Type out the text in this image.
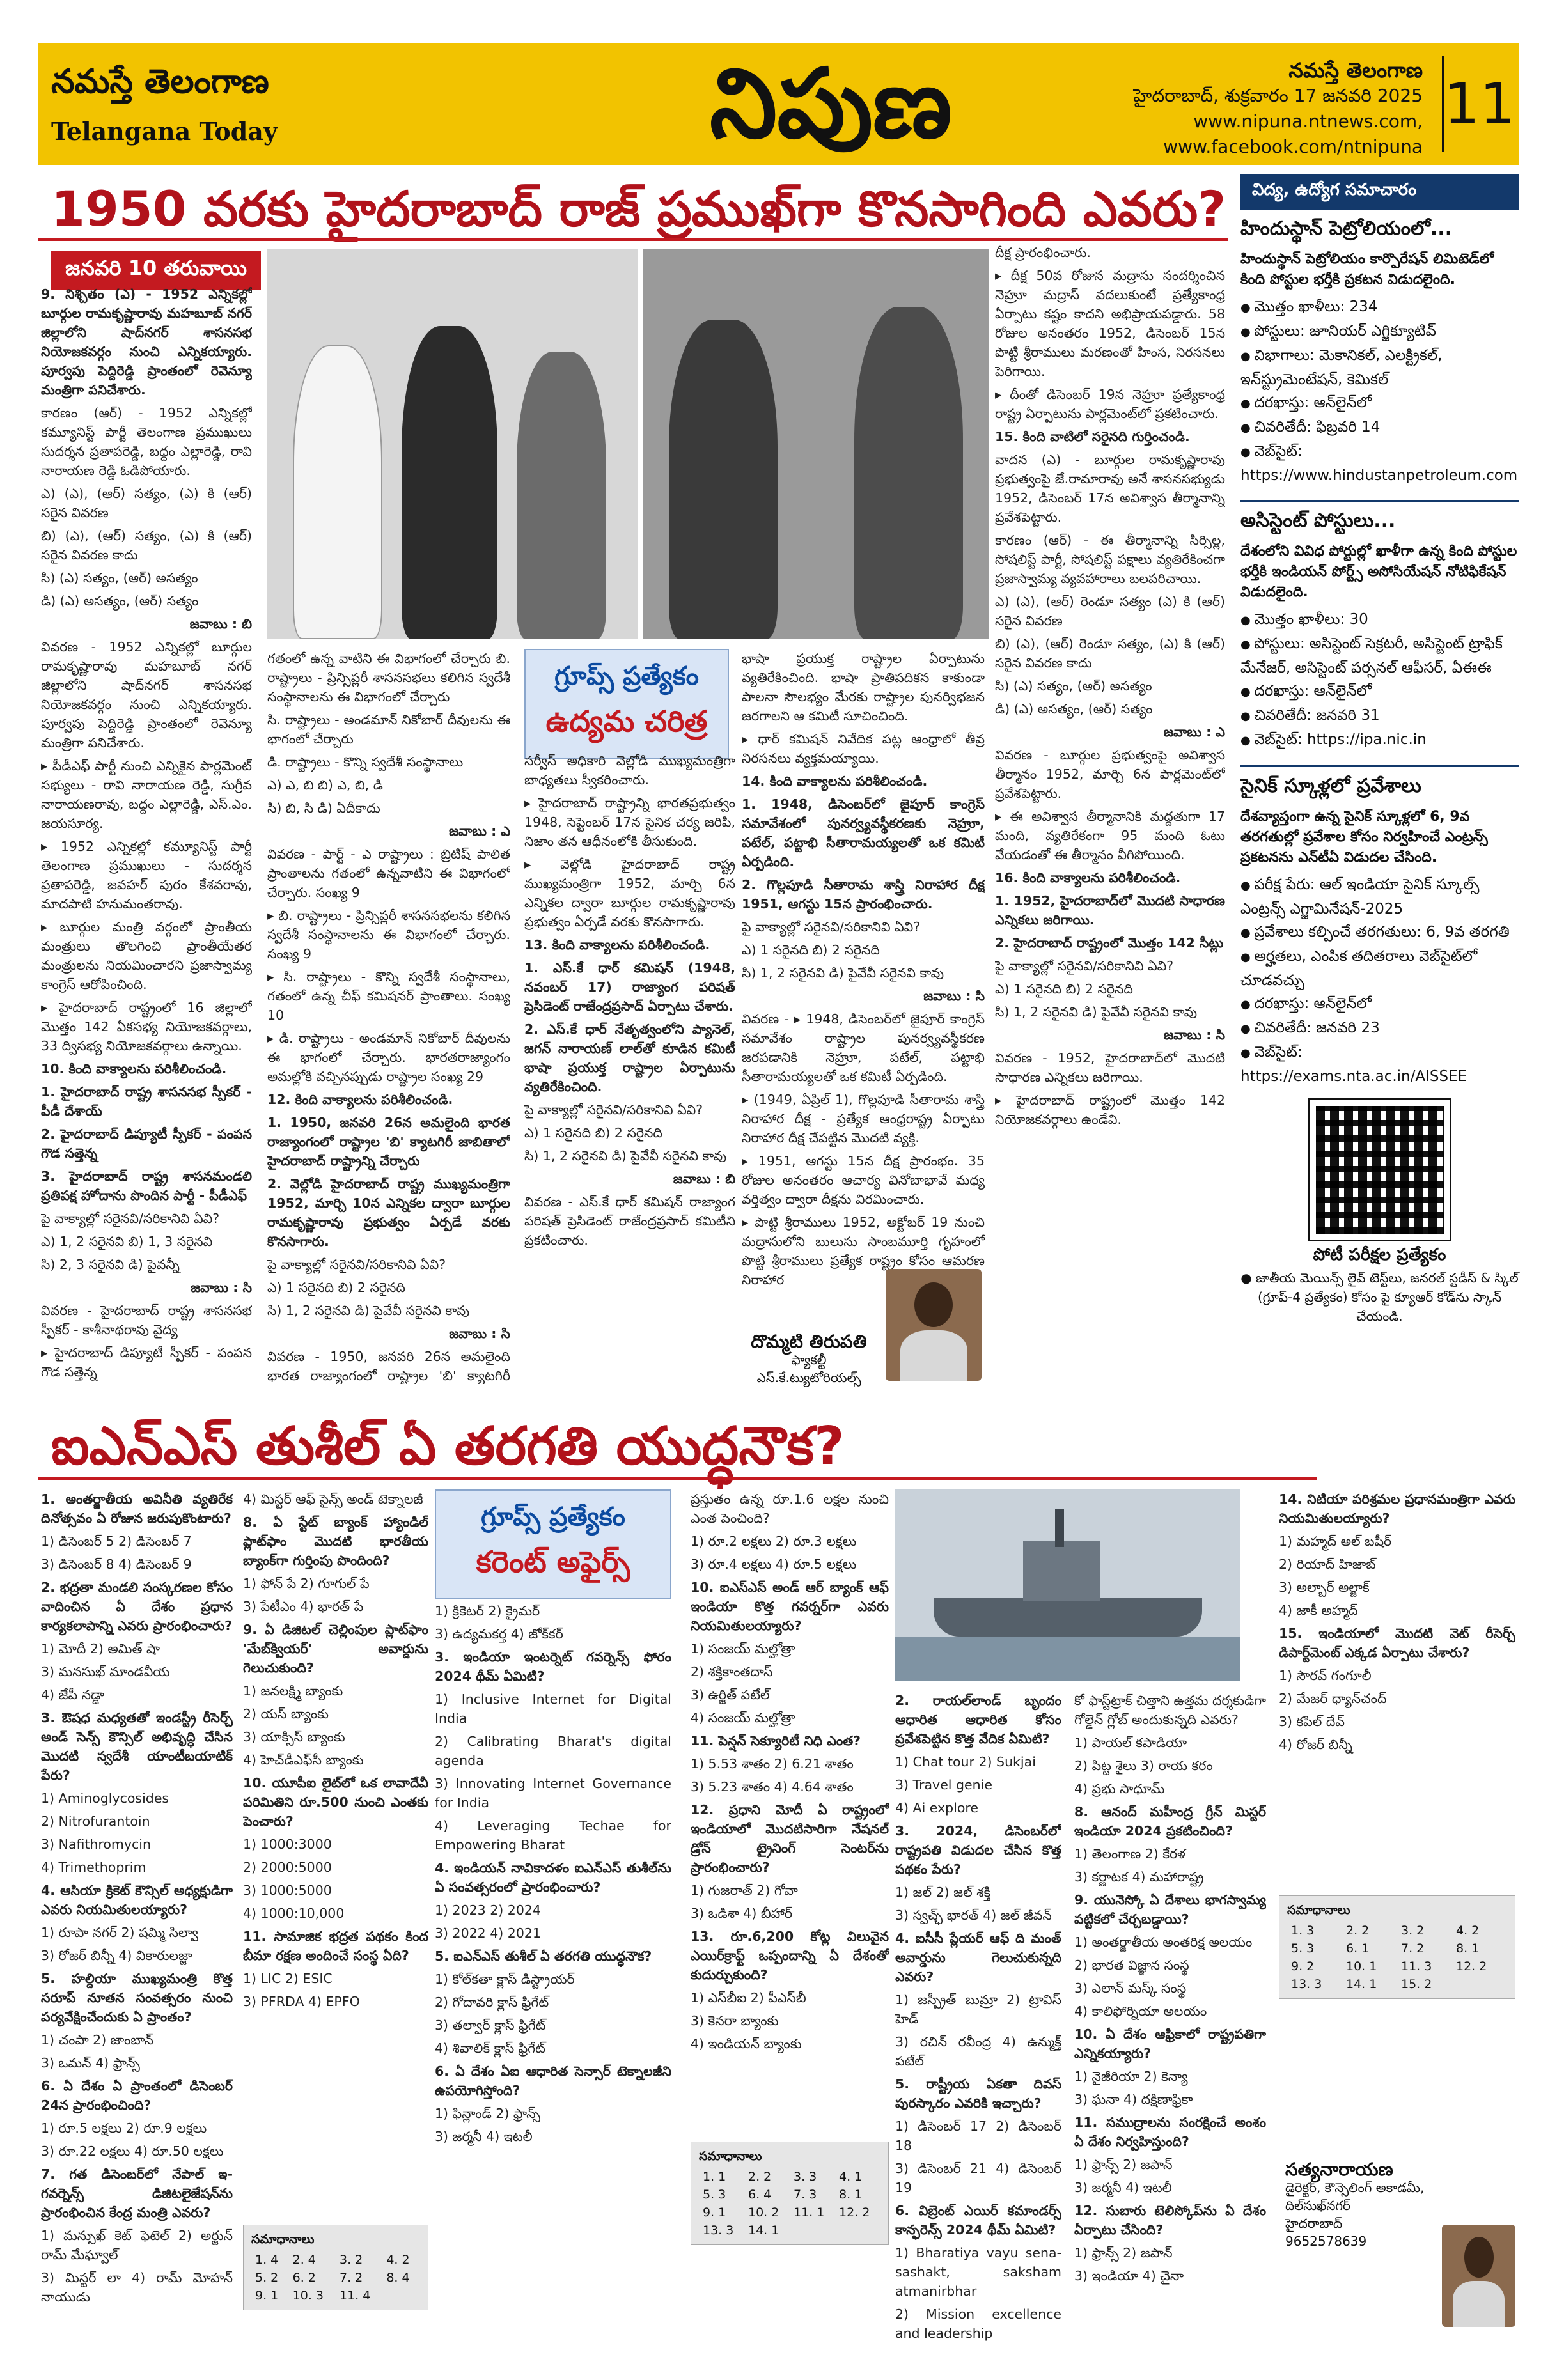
నమస్తే తెలంగాణ
Telangana Today	నిపుణ	నమస్తే తెలంగాణ
హైదరాబాద్, శుక్రవారం 17 జనవరి 2025
www.nipuna.ntnews.com,
www.facebook.com/ntnipuna
11
1950 వరకు హైదరాబాద్ రాజ్ ప్రముఖ్‌గా కొనసాగింది ఎవరు?
జనవరి 10 తరువాయి

9. నిశ్చితం (ఎ) - 1952 ఎన్నికల్లో బూర్గుల రామకృష్ణారావు మహబూబ్ నగర్ జిల్లాలోని షాద్‌నగర్ శాసనసభ నియోజకవర్గం నుంచి ఎన్నికయ్యారు. పూర్వపు పెద్దిరెడ్డి ప్రాంతంలో రెవెన్యూ మంత్రిగా పనిచేశారు.

కారణం (ఆర్) - 1952 ఎన్నికల్లో కమ్యూనిస్ట్ పార్టీ తెలంగాణ ప్రముఖులు సుదర్శన ప్రతాపరెడ్డి, బద్దం ఎల్లారెడ్డి, రావి నారాయణ రెడ్డి ఓడిపోయారు.

ఎ) (ఎ), (ఆర్) సత్యం, (ఎ) కి (ఆర్) సరైన వివరణ

బి) (ఎ), (ఆర్) సత్యం, (ఎ) కి (ఆర్) సరైన వివరణ కాదు

సి) (ఎ) సత్యం, (ఆర్) అసత్యం

డి) (ఎ) అసత్యం, (ఆర్) సత్యం

జవాబు : బి

వివరణ - 1952 ఎన్నికల్లో బూర్గుల రామకృష్ణారావు మహబూబ్ నగర్ జిల్లాలోని షాద్‌నగర్ శాసనసభ నియోజకవర్గం నుంచి ఎన్నికయ్యారు. పూర్వపు పెద్దిరెడ్డి ప్రాంతంలో రెవెన్యూ మంత్రిగా పనిచేశారు.

▸ పీడీఎఫ్ పార్టీ నుంచి ఎన్నికైన పార్లమెంట్ సభ్యులు - రావి నారాయణ రెడ్డి, సుగ్రీవ నారాయణరావు, బద్దం ఎల్లారెడ్డి, ఎస్.ఎం. జయసూర్య.

▸ 1952 ఎన్నికల్లో కమ్యూనిస్ట్ పార్టీ తెలంగాణ ప్రముఖులు - సుదర్శన ప్రతాపరెడ్డి, జవహర్ పురం కేశవరావు, మాదపాటి హనుమంతరావు.

▸ బూర్గుల మంత్రి వర్గంలో ప్రాంతీయ మంత్రులు తొలగించి ప్రాంతీయేతర మంత్రులను నియమించారని ప్రజాస్వామ్య కాంగ్రెస్ ఆరోపించింది.

▸ హైదరాబాద్ రాష్ట్రంలో 16 జిల్లాలో మొత్తం 142 ఏకసభ్య నియోజకవర్గాలు, 33 ద్విసభ్య నియోజకవర్గాలు ఉన్నాయి.

10. కింది వాక్యాలను పరిశీలించండి.

1. హైదరాబాద్ రాష్ట్ర శాసనసభ స్పీకర్ - పీడీ దేశాయ్

2. హైదరాబాద్ డిప్యూటీ స్పీకర్ - పంపన గౌడ సత్తెన్న

3. హైదరాబాద్ రాష్ట్ర శాసనమండలి ప్రతిపక్ష హోదాను పొందిన పార్టీ - పీడీఎఫ్

పై వాక్యాల్లో సరైనవి/సరికానివి ఏవి?

ఎ) 1, 2 సరైనవి బి) 1, 3 సరైనవి

సి) 2, 3 సరైనవి డి) పైవన్నీ

జవాబు : సి

వివరణ - హైదరాబాద్ రాష్ట్ర శాసనసభ స్పీకర్ - కాశీనాథరావు వైద్య

▸ హైదరాబాద్ డిప్యూటీ స్పీకర్ - పంపన గౌడ సత్తెన్న

గ్రూప్స్ ప్రత్యేకం
ఉద్యమ చరిత్ర

గతంలో ఉన్న వాటిని ఈ విభాగంలో చేర్చారు బి. రాష్ట్రాలు - ప్రిన్సిప్లరీ శాసనసభలు కలిగిన స్వదేశీ సంస్థానాలను ఈ విభాగంలో చేర్చారు

సి. రాష్ట్రాలు - అండమాన్ నికోబార్ దీవులను ఈ భాగంలో చేర్చారు

డి. రాష్ట్రాలు - కొన్ని స్వదేశీ సంస్థానాలు

ఎ) ఎ, బి బి) ఎ, బి, డి

సి) బి, సి డి) ఏదీకాదు

జవాబు : ఎ

వివరణ - పార్ట్ - ఎ రాష్ట్రాలు : బ్రిటిష్ పాలిత ప్రాంతాలను గతంలో ఉన్నవాటిని ఈ విభాగంలో చేర్చారు. సంఖ్య 9

▸ బి. రాష్ట్రాలు - ప్రిన్సిప్లరీ శాసనసభలను కలిగిన స్వదేశీ సంస్థానాలను ఈ విభాగంలో చేర్చారు. సంఖ్య 9

▸ సి. రాష్ట్రాలు - కొన్ని స్వదేశీ సంస్థానాలు, గతంలో ఉన్న చీఫ్ కమిషనర్ ప్రాంతాలు. సంఖ్య 10

▸ డి. రాష్ట్రాలు - అండమాన్ నికోబార్ దీవులను ఈ భాగంలో చేర్చారు. భారతరాజ్యాంగం అమల్లోకి వచ్చినప్పుడు రాష్ట్రాల సంఖ్య 29

12. కింది వాక్యాలను పరిశీలించండి.

1. 1950, జనవరి 26న అమలైంది భారత రాజ్యాంగంలో రాష్ట్రాల 'బి' క్యాటగిరీ జాబితాలో హైదరాబాద్ రాష్ట్రాన్ని చేర్చారు

2. వెల్లోడి హైదరాబాద్ రాష్ట్ర ముఖ్యమంత్రిగా 1952, మార్చి 10న ఎన్నికల ద్వారా బూర్గుల రామకృష్ణారావు ప్రభుత్వం ఏర్పడే వరకు కొనసాగారు.

పై వాక్యాల్లో సరైనవి/సరికానివి ఏవి?

ఎ) 1 సరైనది బి) 2 సరైనది

సి) 1, 2 సరైనవి డి) పైవేవీ సరైనవి కావు

జవాబు : సి

వివరణ - 1950, జనవరి 26న అమలైంది భారత రాజ్యాంగంలో రాష్ట్రాల 'బి' క్యాటగిరీ

సర్వీస్ అధికారి వెల్లోడి ముఖ్యమంత్రిగా బాధ్యతలు స్వీకరించారు.

▸ హైదరాబాద్ రాష్ట్రాన్ని భారతప్రభుత్వం 1948, సెప్టెంబర్ 17న సైనిక చర్య జరిపి, నిజాం తన ఆధీనంలోకి తీసుకుంది.

▸ వెల్లోడి హైదరాబాద్ రాష్ట్ర ముఖ్యమంత్రిగా 1952, మార్చి 6న ఎన్నికల ద్వారా బూర్గుల రామకృష్ణారావు ప్రభుత్వం ఏర్పడే వరకు కొనసాగారు.

13. కింది వాక్యాలను పరిశీలించండి.

1. ఎస్.కే ధార్ కమిషన్ (1948, నవంబర్ 17) రాజ్యాంగ పరిషత్ ప్రెసిడెంట్ రాజేంద్రప్రసాద్ ఏర్పాటు చేశారు.

2. ఎస్.కే ధార్ నేతృత్వంలోని ప్యానెల్, జగన్ నారాయణ్ లాల్‌తో కూడిన కమిటీ భాషా ప్రయుక్త రాష్ట్రాల ఏర్పాటును వ్యతిరేకించింది.

పై వాక్యాల్లో సరైనవి/సరికానివి ఏవి?

ఎ) 1 సరైనది బి) 2 సరైనది

సి) 1, 2 సరైనవి డి) పైవేవీ సరైనవి కావు

జవాబు : బి

వివరణ - ఎస్.కే ధార్ కమిషన్ రాజ్యాంగ పరిషత్ ప్రెసిడెంట్ రాజేంద్రప్రసాద్ కమిటీని ప్రకటించారు.

భాషా ప్రయుక్త రాష్ట్రాల ఏర్పాటును వ్యతిరేకించింది. భాషా ప్రాతిపదికన కాకుండా పాలనా సౌలభ్యం మేరకు రాష్ట్రాల పునర్విభజన జరగాలని ఆ కమిటీ సూచించింది.

▸ ధార్ కమిషన్ నివేదిక పట్ల ఆంధ్రాలో తీవ్ర నిరసనలు వ్యక్తమయ్యాయి.

14. కింది వాక్యాలను పరిశీలించండి.

1. 1948, డిసెంబర్‌లో జైపూర్ కాంగ్రెస్ సమావేశంలో పునర్వ్యవస్థీకరణకు నెహ్రూ, పటేల్, పట్టాభి సీతారామయ్యలతో ఒక కమిటీ ఏర్పడింది.

2. గొల్లపూడి సీతారామ శాస్త్రి నిరాహార దీక్ష 1951, ఆగస్టు 15న ప్రారంభించారు.

పై వాక్యాల్లో సరైనవి/సరికానివి ఏవి?

ఎ) 1 సరైనది బి) 2 సరైనది

సి) 1, 2 సరైనవి డి) పైవేవీ సరైనవి కావు

జవాబు : సి

వివరణ - ▸ 1948, డిసెంబర్‌లో జైపూర్ కాంగ్రెస్ సమావేశం రాష్ట్రాల పునర్వ్యవస్థీకరణ జరపడానికి నెహ్రూ, పటేల్, పట్టాభి సీతారామయ్యలతో ఒక కమిటీ ఏర్పడింది.

▸ (1949, ఏప్రిల్ 1), గొల్లపూడి సీతారామ శాస్త్రి నిరాహార దీక్ష - ప్రత్యేక ఆంధ్రరాష్ట్ర ఏర్పాటు నిరాహార దీక్ష చేపట్టిన మొదటి వ్యక్తి.

▸ 1951, ఆగస్టు 15న దీక్ష ప్రారంభం. 35 రోజుల అనంతరం ఆచార్య వినోబాభావే మధ్య వర్తిత్వం ద్వారా దీక్షను విరమించారు.

▸ పొట్టి శ్రీరాములు 1952, అక్టోబర్ 19 నుంచి మద్రాసులోని బులుసు సాంబమూర్తి గృహంలో పొట్టి శ్రీరాములు ప్రత్యేక రాష్ట్రం కోసం ఆమరణ నిరాహార

దీక్ష ప్రారంభించారు.

▸ దీక్ష 50వ రోజున మద్రాసు సందర్శించిన నెహ్రూ మద్రాస్ వదలుకుంటే ప్రత్యేకాంధ్ర ఏర్పాటు కష్టం కాదని అభిప్రాయపడ్డారు. 58 రోజుల అనంతరం 1952, డిసెంబర్ 15న పొట్టి శ్రీరాములు మరణంతో హింస, నిరసనలు పెరిగాయి.

▸ దీంతో డిసెంబర్ 19న నెహ్రూ ప్రత్యేకాంధ్ర రాష్ట్ర ఏర్పాటును పార్లమెంట్‌లో ప్రకటించారు.

15. కింది వాటిలో సరైనది గుర్తించండి.

వాదన (ఎ) - బూర్గుల రామకృష్ణారావు ప్రభుత్వంపై జే.రామారావు అనే శాసనసభ్యుడు 1952, డిసెంబర్ 17న అవిశ్వాస తీర్మానాన్ని ప్రవేశపెట్టారు.

కారణం (ఆర్) - ఈ తీర్మానాన్ని సిర్సిల్ల, సోషలిస్ట్ పార్టీ, సోషలిస్ట్ పక్షాలు వ్యతిరేకించగా ప్రజాస్వామ్య వ్యవహారాలు బలపరిచాయి.

ఎ) (ఎ), (ఆర్) రెండూ సత్యం (ఎ) కి (ఆర్) సరైన వివరణ

బి) (ఎ), (ఆర్) రెండూ సత్యం, (ఎ) కి (ఆర్) సరైన వివరణ కాదు

సి) (ఎ) సత్యం, (ఆర్) అసత్యం

డి) (ఎ) అసత్యం, (ఆర్) సత్యం

జవాబు : ఎ

వివరణ - బూర్గుల ప్రభుత్వంపై అవిశ్వాస తీర్మానం 1952, మార్చి 6న పార్లమెంట్‌లో ప్రవేశపెట్టారు.

▸ ఈ అవిశ్వాస తీర్మానానికి మద్దతుగా 17 మంది, వ్యతిరేకంగా 95 మంది ఓటు వేయడంతో ఈ తీర్మానం వీగిపోయింది.

16. కింది వాక్యాలను పరిశీలించండి.

1. 1952, హైదరాబాద్‌లో మొదటి సాధారణ ఎన్నికలు జరిగాయి.

2. హైదరాబాద్ రాష్ట్రంలో మొత్తం 142 సీట్లు

పై వాక్యాల్లో సరైనవి/సరికానివి ఏవి?

ఎ) 1 సరైనది బి) 2 సరైనది

సి) 1, 2 సరైనవి డి) పైవేవీ సరైనవి కావు

జవాబు : సి

వివరణ - 1952, హైదరాబాద్‌లో మొదటి సాధారణ ఎన్నికలు జరిగాయి.

▸ హైదరాబాద్ రాష్ట్రంలో మొత్తం 142 నియోజకవర్గాలు ఉండేవి.

దొమ్మటి తిరుపతి
ఫ్యాకల్టీ
ఎస్.కే.ట్యుటోరియల్స్
విద్య, ఉద్యోగ సమాచారం
హిందుస్థాన్ పెట్రోలియంలో...
హిందుస్థాన్ పెట్రోలియం కార్పొరేషన్ లిమిటెడ్‌లో కింది పోస్టుల భర్తీకి ప్రకటన విడుదలైంది.
● మొత్తం ఖాళీలు: 234
● పోస్టులు: జూనియర్ ఎగ్జిక్యూటివ్
● విభాగాలు: మెకానికల్, ఎలక్ట్రికల్, ఇన్‌స్ట్రుమెంటేషన్, కెమికల్
● దరఖాస్తు: ఆన్‌లైన్‌లో
● చివరితేదీ: ఫిబ్రవరి 14
● వెబ్‌సైట్: https://www.hindustanpetroleum.com
అసిస్టెంట్ పోస్టులు...
దేశంలోని వివిధ పోర్టుల్లో ఖాళీగా ఉన్న కింది పోస్టుల భర్తీకి ఇండియన్ పోర్ట్స్ అసోసియేషన్ నోటిఫికేషన్ విడుదలైంది.
● మొత్తం ఖాళీలు: 30
● పోస్టులు: అసిస్టెంట్ సెక్రటరీ, అసిస్టెంట్ ట్రాఫిక్ మేనేజర్, అసిస్టెంట్ పర్సనల్ ఆఫీసర్, ఏఈఈ
● దరఖాస్తు: ఆన్‌లైన్‌లో
● చివరితేదీ: జనవరి 31
● వెబ్‌సైట్: https://ipa.nic.in
సైనిక్ స్కూళ్లలో ప్రవేశాలు
దేశవ్యాప్తంగా ఉన్న సైనిక్ స్కూళ్లలో 6, 9వ తరగతుల్లో ప్రవేశాల కోసం నిర్వహించే ఎంట్రన్స్ ప్రకటనను ఎన్‌టీఏ విడుదల చేసింది.
● పరీక్ష పేరు: ఆల్ ఇండియా సైనిక్ స్కూల్స్ ఎంట్రన్స్ ఎగ్జామినేషన్-2025
● ప్రవేశాలు కల్పించే తరగతులు: 6, 9వ తరగతి
● అర్హతలు, ఎంపిక తదితరాలు వెబ్‌సైట్‌లో చూడవచ్చు
● దరఖాస్తు: ఆన్‌లైన్‌లో
● చివరితేదీ: జనవరి 23
● వెబ్‌సైట్: https://exams.nta.ac.in/AISSEE
పోటీ పరీక్షల ప్రత్యేకం
● జాతీయ మెయిన్స్ లైవ్ టెస్ట్‌లు, జనరల్ స్టడీస్ & స్కిల్ (గ్రూప్-4 ప్రత్యేకం) కోసం పై క్యూఆర్ కోడ్‌ను స్కాన్ చేయండి.
ఐఎన్ఎస్ తుశీల్ ఏ తరగతి యుద్ధనౌక?
గ్రూప్స్ ప్రత్యేకం
కరెంట్ అఫైర్స్

1. అంతర్జాతీయ అవినీతి వ్యతిరేక దినోత్సవం ఏ రోజున జరుపుకొంటారు?

1) డిసెంబర్ 5 2) డిసెంబర్ 7

3) డిసెంబర్ 8 4) డిసెంబర్ 9

2. భద్రతా మండలి సంస్కరణల కోసం వాదించిన ఏ దేశం ప్రధాన కార్యకలాపాన్ని ఎవరు ప్రారంభించారు?

1) మోదీ 2) అమిత్ షా

3) మనసుఖ్ మాండవీయ

4) జేపీ నడ్డా

3. ఔషధ మధ్యతతో ఇండస్ట్రీ రీసెర్చ్ అండ్ సెన్స్ కౌన్సిల్ అభివృద్ధి చేసిన మొదటి స్వదేశీ యాంటీబయాటిక్ పేరు?

1) Aminoglycosides

2) Nitrofurantoin

3) Nafithromycin

4) Trimethoprim

4. ఆసియా క్రికెట్ కౌన్సిల్ అధ్యక్షుడిగా ఎవరు నియమితులయ్యారు?

1) రూపా నగర్ 2) షమ్మి సిల్వా

3) రోజర్ బిన్నీ 4) వికారులజ్జా

5. హల్దియా ముఖ్యమంత్రి కొత్త సరూప్ నూతన సంవత్సరం నుంచి పర్యవేక్షించేందుకు ఏ ప్రాంతం?

1) చంపా 2) జాంబాన్

3) ఒమన్ 4) ఫ్రాన్స్

6. ఏ దేశం ఏ ప్రాంతంలో డిసెంబర్ 24న ప్రారంభించింది?

1) రూ.5 లక్షలు 2) రూ.9 లక్షలు

3) రూ.22 లక్షలు 4) రూ.50 లక్షలు

7. గత డిసెంబర్‌లో నేపాల్ ఇ-గవర్నెన్స్ డిజిటలైజేషన్‌ను ప్రారంభించిన కేంద్ర మంత్రి ఎవరు?

1) మన్సుఖ్ కెట్‌ ఫెటెల్ 2) అర్జున్ రామ్ మేఘ్వాల్

3) మిస్టర్ లా 4) రామ్ మోహన్ నాయుడు

4) మిస్టర్ ఆఫ్ సైన్స్ అండ్ టెక్నాలజీ

8. ఏ స్టేట్ బ్యాంక్ హ్యాండిల్ ప్లాట్‌ఫాం మొదటి భారతీయ బ్యాంక్‌గా గుర్తింపు పొందింది?

1) ఫోన్ పే 2) గూగుల్ పే

3) పేటీఎం 4) భారత్ పే

9. ఏ డిజిటల్ చెల్లింపుల ప్లాట్‌ఫాం 'మేబ్‌క్వియర్' అవార్డును గెలుచుకుంది?

1) జనలక్ష్మి బ్యాంకు

2) యస్ బ్యాంకు

3) యాక్సిస్ బ్యాంకు

4) హెచ్‌డీఎఫ్‌సీ బ్యాంకు

10. యూపీఐ లైట్‌లో ఒక లావాదేవీ పరిమితిని రూ.500 నుంచి ఎంతకు పెంచారు?

1) 1000:3000

2) 2000:5000

3) 1000:5000

4) 1000:10,000

11. సామాజిక భద్రత పథకం కింద బీమా రక్షణ అందించే సంస్థ ఏది?

1) LIC 2) ESIC

3) PFRDA 4) EPFO

1) క్రికెటర్ 2) క్రైమర్

3) ఉద్యమకర్త 4) జోక్‌కర్

3. ఇండియా ఇంటర్నెట్ గవర్నెన్స్ ఫోరం 2024 థీమ్ ఏమిటి?

1) Inclusive Internet for Digital India

2) Calibrating Bharat's digital agenda

3) Innovating Internet Governance for India

4) Leveraging Techae for Empowering Bharat

4. ఇండియన్ నావికాదళం ఐఎన్ఎస్ తుశీల్‌ను ఏ సంవత్సరంలో ప్రారంభించారు?

1) 2023 2) 2024

3) 2022 4) 2021

5. ఐఎన్ఎస్ తుశీల్ ఏ తరగతి యుద్ధనౌక?

1) కోల్‌కతా క్లాస్ డిస్ట్రాయర్

2) గోదావరి క్లాస్ ఫ్రిగేట్

3) తల్వార్ క్లాస్ ఫ్రిగేట్

4) శివాలిక్ క్లాస్ ఫ్రిగేట్

6. ఏ దేశం ఏఐ ఆధారిత సెన్సార్ టెక్నాలజీని ఉపయోగిస్తోంది?

1) ఫిన్లాండ్ 2) ఫ్రాన్స్

3) జర్మనీ 4) ఇటలీ

ప్రస్తుతం ఉన్న రూ.1.6 లక్షల నుంచి ఎంత పెంచింది?

1) రూ.2 లక్షలు 2) రూ.3 లక్షలు

3) రూ.4 లక్షలు 4) రూ.5 లక్షలు

10. ఐఎస్ఎస్ అండ్ ఆర్ బ్యాంక్ ఆఫ్ ఇండియా కొత్త గవర్నర్‌గా ఎవరు నియమితులయ్యారు?

1) సంజయ్ మల్హోత్రా

2) శక్తికాంతదాస్

3) ఉర్జిత్ పటేల్

4) సంజయ్ మల్హోత్రా

11. పెన్షన్ సెక్యూరిటీ నిధి ఎంత?

1) 5.53 శాతం 2) 6.21 శాతం

3) 5.23 శాతం 4) 4.64 శాతం

12. ప్రధాని మోదీ ఏ రాష్ట్రంలో ఇండియాలో మొదటిసారిగా నేషనల్ డ్రోన్ ట్రైనింగ్ సెంటర్‌ను ప్రారంభించారు?

1) గుజరాత్ 2) గోవా

3) ఒడిశా 4) బీహార్

13. రూ.6,200 కోట్ల విలువైన ఎయిర్‌క్రాఫ్ట్ ఒప్పందాన్ని ఏ దేశంతో కుదుర్చుకుంది?

1) ఎస్‌బీఐ 2) పీఎస్‌బీ

3) కెనరా బ్యాంకు

4) ఇండియన్ బ్యాంకు

2. రాయల్‌లాండ్ బృందం ఆధారిత ఆధారిత కోసం ప్రవేశపెట్టిన కొత్త వేదిక ఏమిటి?

1) Chat tour 2) Sukjai

3) Travel genie

4) Ai explore

3. 2024, డిసెంబర్‌లో రాష్ట్రపతి విడుదల చేసిన కొత్త పథకం పేరు?

1) జల్ 2) జల్ శక్తి

3) స్వచ్ఛ్ భారత్ 4) జల్ జీవన్

4. ఐసీసీ ప్లేయర్ ఆఫ్ ది మంత్ అవార్డును గెలుచుకున్నది ఎవరు?

1) జస్ప్రీత్ బుమ్రా 2) ట్రావిస్ హెడ్

3) రచిన్ రవీంద్ర 4) ఉన్ముక్త్ పటేల్

5. రాష్ట్రీయ ఏకతా దివస్ పురస్కారం ఎవరికి ఇచ్చారు?

1) డిసెంబర్ 17 2) డిసెంబర్ 18

3) డిసెంబర్ 21 4) డిసెంబర్ 19

6. విబ్రెంట్ ఎయిర్ కమాండర్స్ కాన్ఫరెన్స్ 2024 థీమ్ ఏమిటి?

1) Bharatiya vayu sena-sashakt, saksham atmanirbhar

2) Mission excellence and leadership

కో ఫాస్ట్‌ట్రాక్ చిత్తాని ఉత్తమ దర్శకుడిగా గోల్డెన్ గ్లోబ్ అందుకున్నది ఎవరు?

1) పాయల్ కపాడియా

2) పిట్ట శైలు 3) రాయ కరం

4) ప్రభు సాధూమ్

8. ఆనంద్ మహీంద్ర గ్రీన్ మిస్టర్ ఇండియా 2024 ప్రకటించింది?

1) తెలంగాణ 2) కేరళ

3) కర్ణాటక 4) మహారాష్ట్ర

9. యునెస్కో ఏ దేశాలు భాగస్వామ్య పట్టికలో చేర్చబడ్డాయి?

1) అంతర్జాతీయ అంతరిక్ష అలయం

2) భారత విజ్ఞాన సంస్థ

3) ఎలాన్ మస్క్ సంస్థ

4) కాలిఫోర్నియా అలయం

10. ఏ దేశం ఆఫ్రికాలో రాష్ట్రపతిగా ఎన్నికయ్యారు?

1) నైజీరియా 2) కెన్యా

3) ఘనా 4) దక్షిణాఫ్రికా

11. సముద్రాలను సంరక్షించే అంశం ఏ దేశం నిర్వహిస్తుంది?

1) ఫ్రాన్స్ 2) జపాన్

3) జర్మనీ 4) ఇటలీ

12. సుబారు టెలిస్కోప్‌ను ఏ దేశం ఏర్పాటు చేసింది?

1) ఫ్రాన్స్ 2) జపాన్

3) ఇండియా 4) చైనా

14. నిటియా పరిశ్రమల ప్రధానమంత్రిగా ఎవరు నియమితులయ్యారు?

1) మహ్మద్ అల్ బషీర్

2) రియాద్ హిజాబ్

3) అల్బార్ అల్జాక్

4) జాకీ అహ్మద్

15. ఇండియాలో మొదటి వెట్‌ రీసెర్చ్ డిపార్ట్‌మెంట్ ఎక్కడ ఏర్పాటు చేశారు?

1) సౌరవ్ గంగూలీ

2) మేజర్ ధ్యాన్‌చంద్

3) కపిల్ దేవ్

4) రోజర్ బిన్నీ

సమాధానాలు
1. 4	2. 4	3. 2	4. 2
5. 2	6. 2	7. 2	8. 4
9. 1	10. 3	11. 4	
సమాధానాలు
1. 1	2. 2	3. 3	4. 1
5. 3	6. 4	7. 3	8. 1
9. 1	10. 2	11. 1	12. 2
13. 3	14. 1		
సమాధానాలు
1. 3	2. 2	3. 2	4. 2
5. 3	6. 1	7. 2	8. 1
9. 2	10. 1	11. 3	12. 2
13. 3	14. 1	15. 2	
సత్యనారాయణ
డైరెక్టర్, కౌన్సెలింగ్ అకాడమీ, దిల్‌సుఖ్‌నగర్
హైదరాబాద్
9652578639
